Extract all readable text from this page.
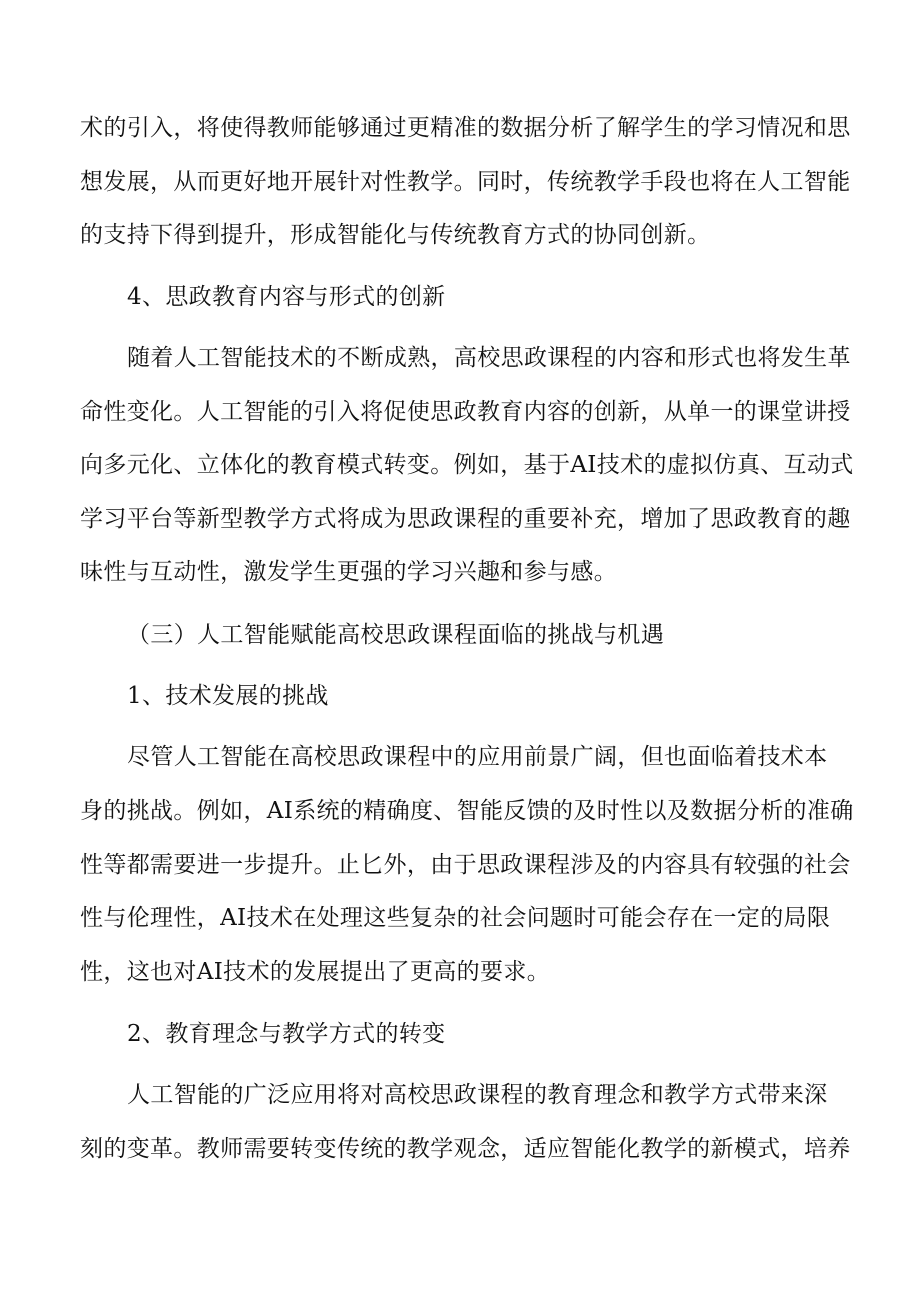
术的引入，将使得教师能够通过更精准的数据分析了解学生的学习情况和思
想发展，从而更好地开展针对性教学。同时，传统教学手段也将在人工智能
的支持下得到提升，形成智能化与传统教育方式的协同创新。
4、思政教育内容与形式的创新
随着人工智能技术的不断成熟，高校思政课程的内容和形式也将发生革
命性变化。人工智能的引入将促使思政教育内容的创新，从单一的课堂讲授
向多元化、立体化的教育模式转变。例如，基于AI技术的虚拟仿真、互动式
学习平台等新型教学方式将成为思政课程的重要补充，增加了思政教育的趣
味性与互动性，激发学生更强的学习兴趣和参与感。
（三）人工智能赋能高校思政课程面临的挑战与机遇
1、技术发展的挑战
尽管人工智能在高校思政课程中的应用前景广阔，但也面临着技术本
身的挑战。例如，AI系统的精确度、智能反馈的及时性以及数据分析的准确
性等都需要进一步提升。止匕外，由于思政课程涉及的内容具有较强的社会
性与伦理性，AI技术在处理这些复杂的社会问题时可能会存在一定的局限
性，这也对AI技术的发展提出了更高的要求。
2、教育理念与教学方式的转变
人工智能的广泛应用将对高校思政课程的教育理念和教学方式带来深
刻的变革。教师需要转变传统的教学观念，适应智能化教学的新模式，培养
